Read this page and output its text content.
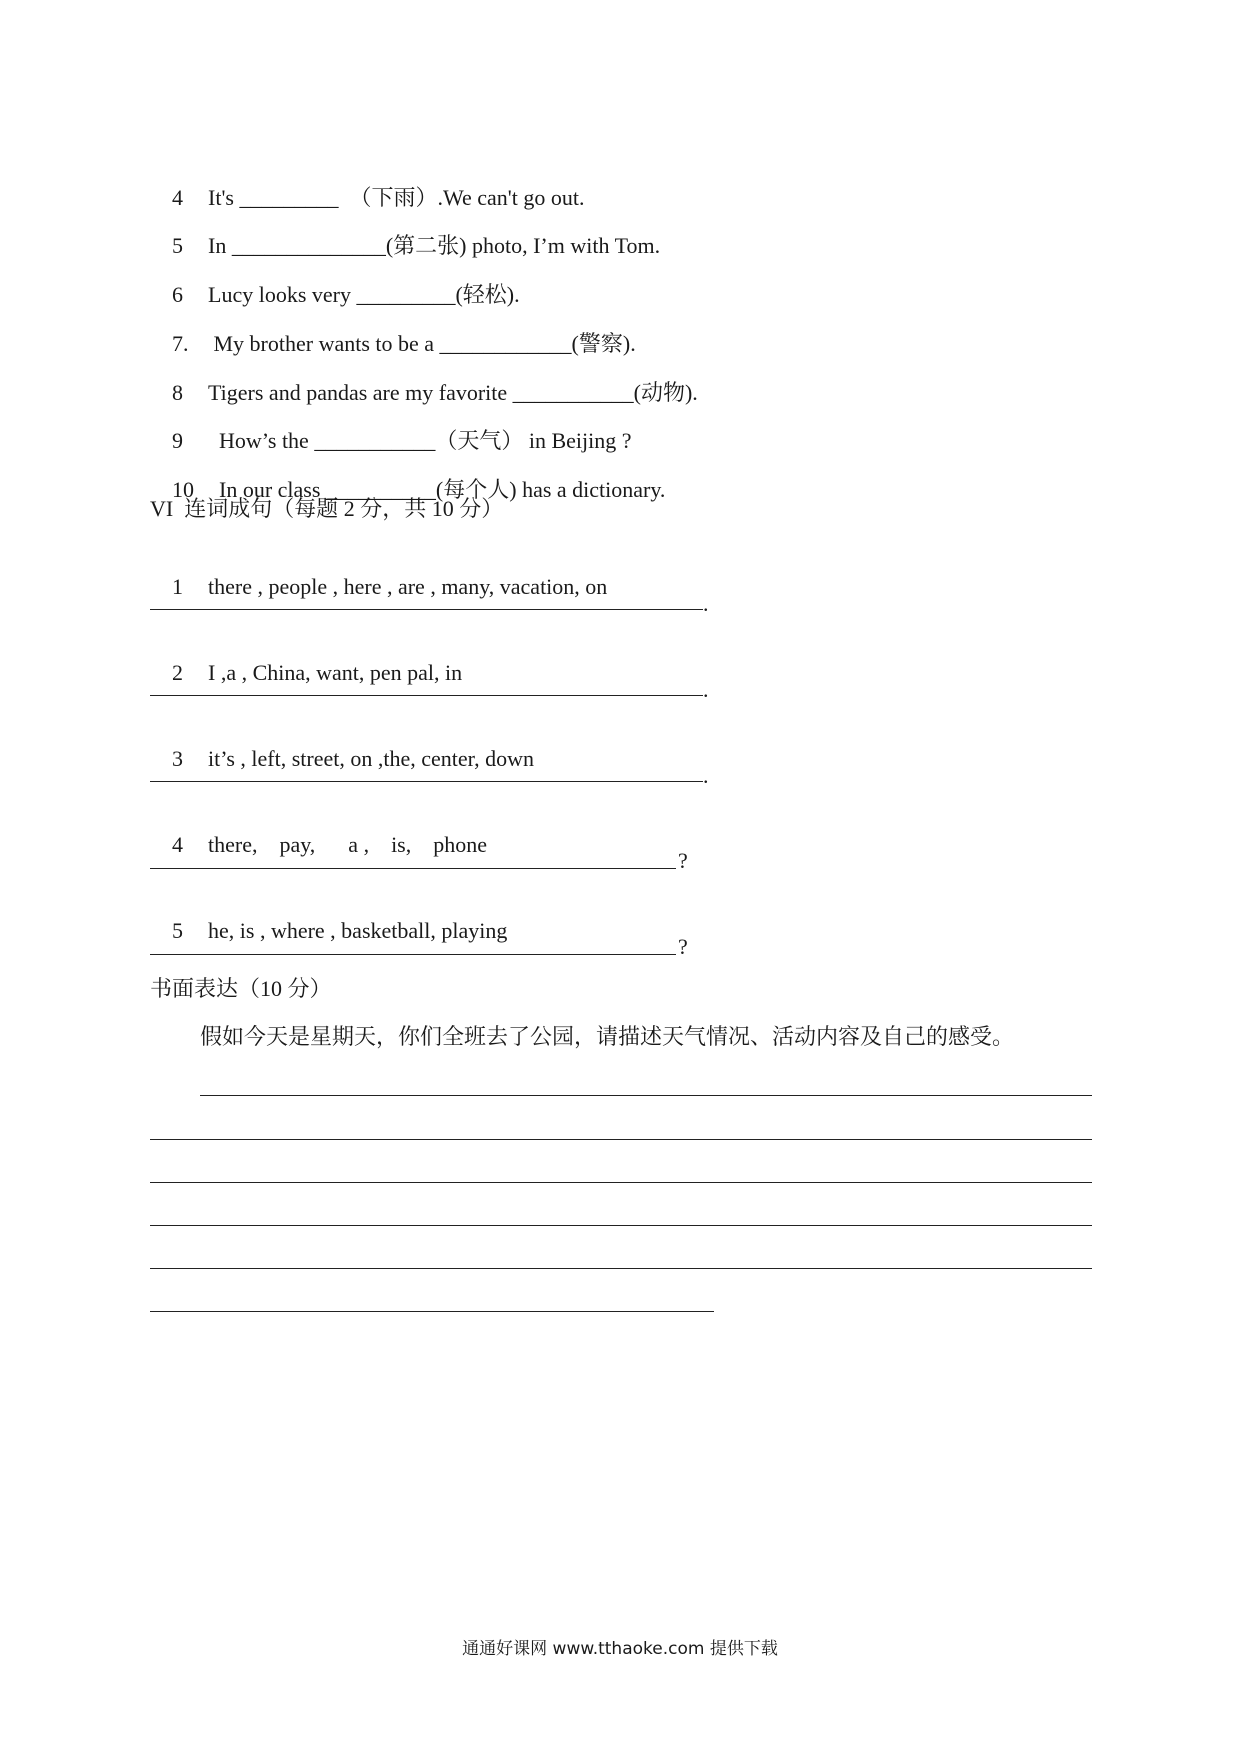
4 It's _________  （下雨）.We can't go out.

5 In ______________(第二张) photo, I’m with Tom.

6 Lucy looks very _________(轻松).

7. My brother wants to be a ____________(警察).

8 Tigers and pandas are my favorite ___________(动物).

9  How’s the ___________（天气） in Beijing ?

10  In our class __________(每个人) has a dictionary.

VI  连词成句（每题 2 分，共 10 分）

1 there , people , here , are , many, vacation, on

.

2 I ,a , China, want, pen pal, in

.

3 it’s , left, street, on ,the, center, down

.

4 there,    pay,      a ,    is,    phone

?

5 he, is , where , basketball, playing

?
书面表达（10 分）
假如今天是星期天，你们全班去了公园，请描述天气情况、活动内容及自己的感受。
通通好课网 www.tthaoke.com 提供下载
